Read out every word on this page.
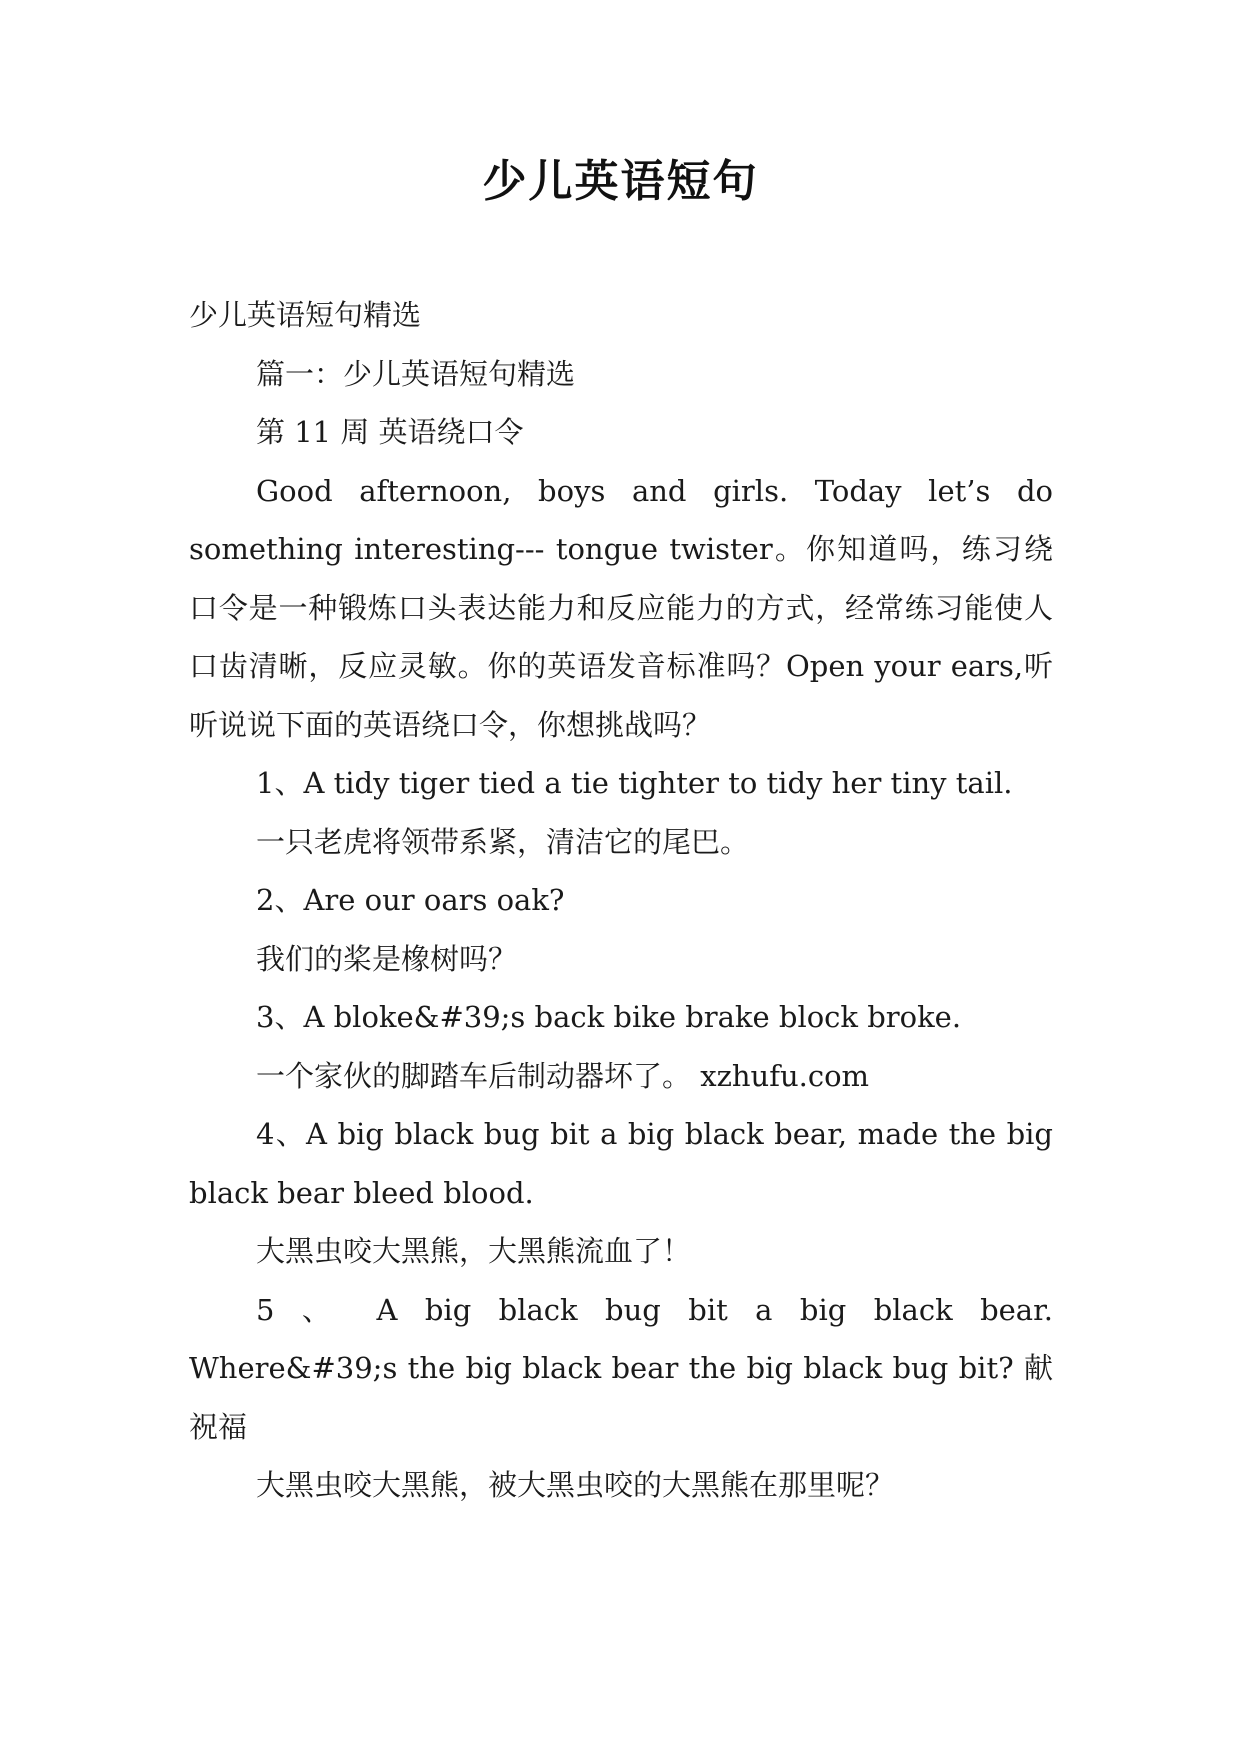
少儿英语短句

少儿英语短句精选

篇一：少儿英语短句精选

第 11 周 英语绕口令

Good afternoon, boys and girls. Today let’s do something interesting--- tongue twister。你知道吗，练习绕口令是一种锻炼口头表达能力和反应能力的方式，经常练习能使人口齿清晰，反应灵敏。你的英语发音标准吗？Open your ears,听听说说下面的英语绕口令，你想挑战吗？

1、A tidy tiger tied a tie tighter to tidy her tiny tail.

一只老虎将领带系紧，清洁它的尾巴。

2、Are our oars oak?

我们的桨是橡树吗？

3、A bloke&#39;s back bike brake block broke.

一个家伙的脚踏车后制动器坏了。 xzhufu.com

4、A big black bug bit a big black bear, made the big black bear bleed blood.

大黑虫咬大黑熊，大黑熊流血了！

5 、 A big black bug bit a big black bear. Where&#39;s the big black bear the big black bug bit? 献祝福

大黑虫咬大黑熊，被大黑虫咬的大黑熊在那里呢？
